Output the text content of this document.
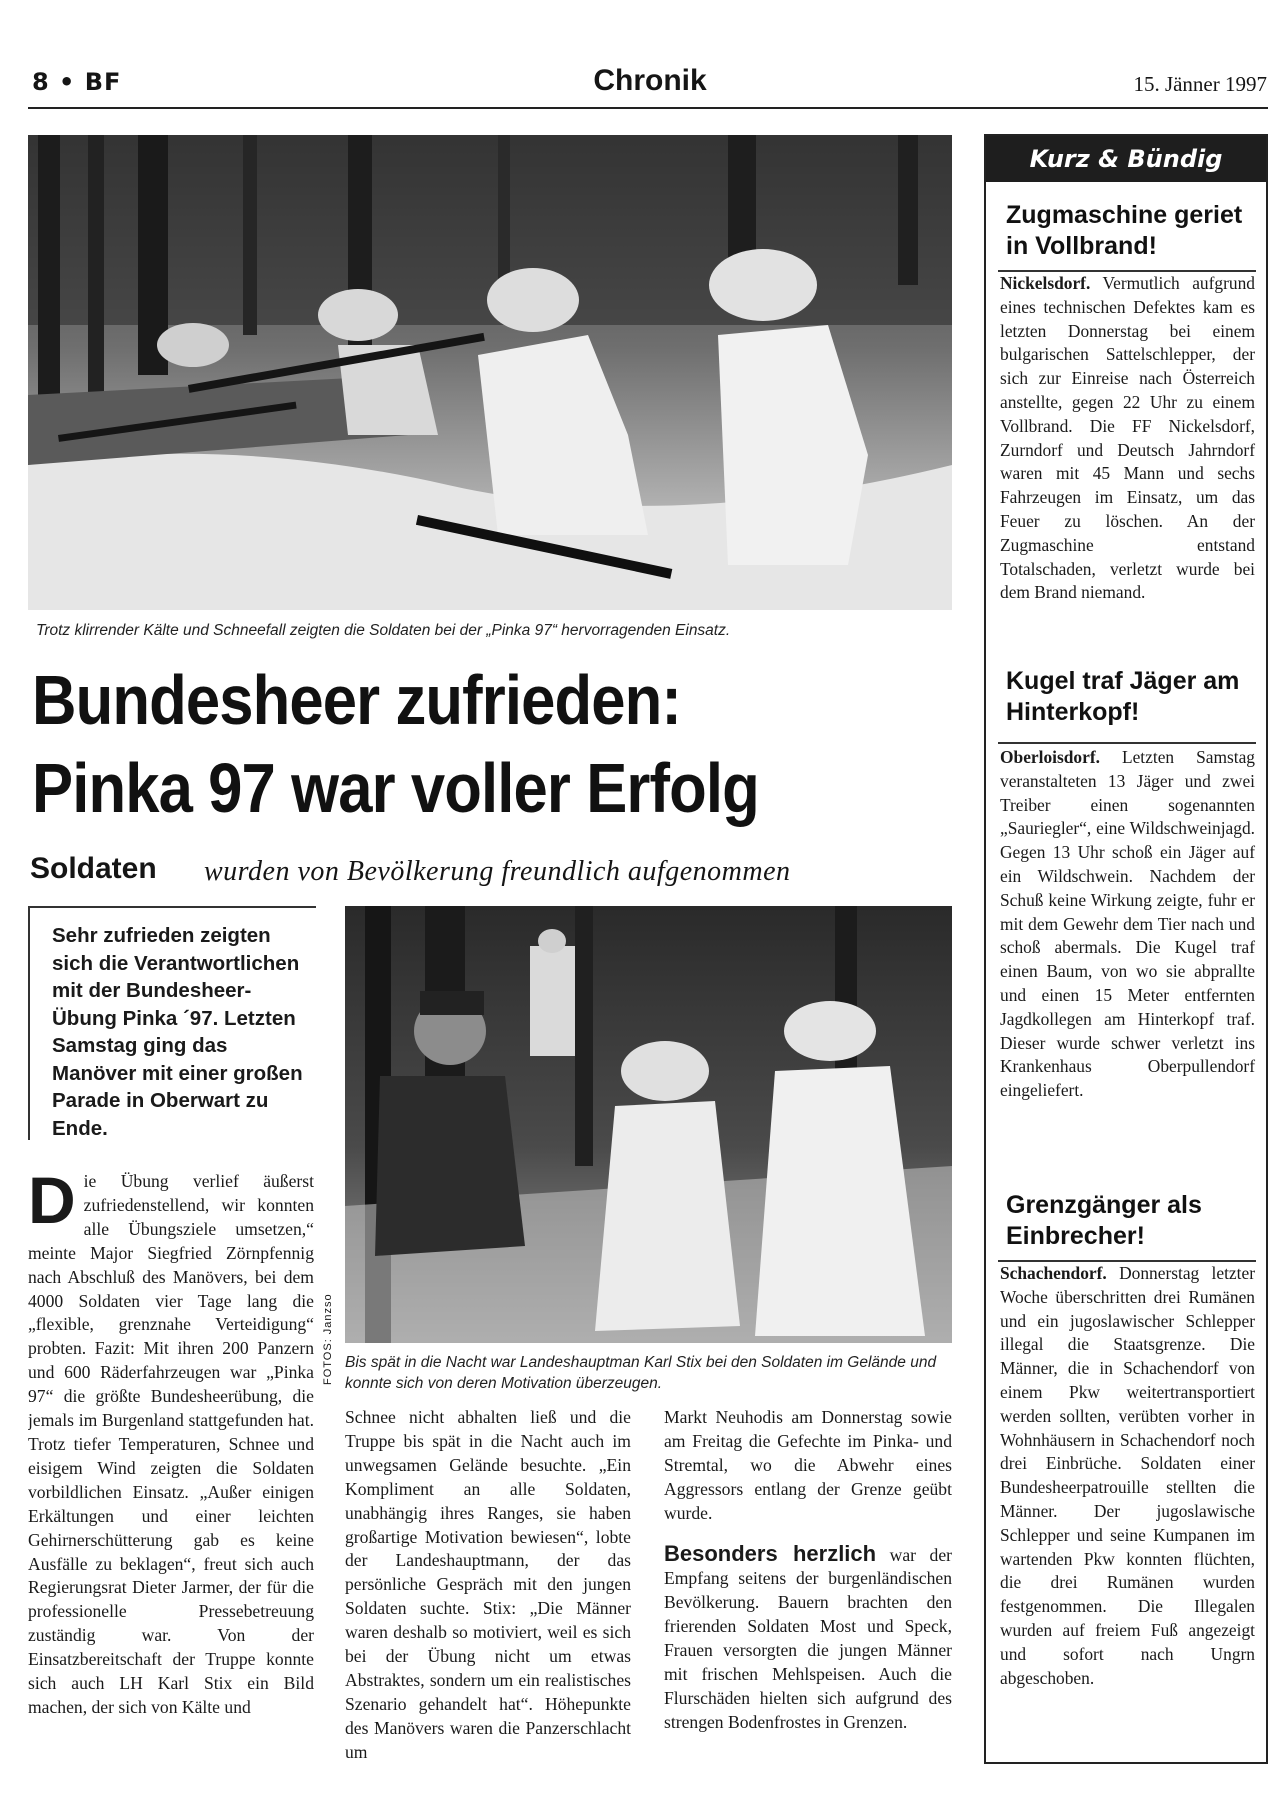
8 • BF	Chronik	15. Jänner 1997
Trotz klirrender Kälte und Schneefall zeigten die Soldaten bei der „Pinka 97“ hervorragenden Einsatz.
Bundesheer zufrieden:
Pinka 97 war voller Erfolg
Soldaten wurden von Bevölkerung freundlich aufgenommen
Sehr zufrieden zeigten sich die Verantwortlichen mit der Bundesheer-Übung Pinka ´97. Letzten Samstag ging das Manöver mit einer großen Parade in Oberwart zu Ende.
FOTOS: Janzso Bis spät in die Nacht war Landeshauptman Karl Stix bei den Soldaten im Gelände und konnte sich von deren Motivation überzeugen.
Die Übung verlief äußerst zufriedenstellend, wir konnten alle Übungsziele umsetzen,“ meinte Major Siegfried Zörnpfennig nach Abschluß des Manövers, bei dem 4000 Soldaten vier Tage lang die „flexible, grenznahe Verteidigung“ probten. Fazit: Mit ihren 200 Panzern und 600 Räderfahrzeugen war „Pinka 97“ die größte Bundesheerübung, die jemals im Burgenland stattgefunden hat. Trotz tiefer Temperaturen, Schnee und eisigem Wind zeigten die Soldaten vorbildlichen Einsatz. „Außer einigen Erkältungen und einer leichten Gehirnerschütterung gab es keine Ausfälle zu beklagen“, freut sich auch Regierungsrat Dieter Jarmer, der für die professionelle Pressebetreuung zuständig war. Von der Einsatzbereitschaft der Truppe konnte sich auch LH Karl Stix ein Bild machen, der sich von Kälte und
Schnee nicht abhalten ließ und die Truppe bis spät in die Nacht auch im unwegsamen Gelände besuchte. „Ein Kompliment an alle Soldaten, unabhängig ihres Ranges, sie haben großartige Motivation bewiesen“, lobte der Landeshauptmann, der das persönliche Gespräch mit den jungen Soldaten suchte. Stix: „Die Männer waren deshalb so motiviert, weil es sich bei der Übung nicht um etwas Abstraktes, sondern um ein realistisches Szenario gehandelt hat“. Höhepunkte des Manövers waren die Panzerschlacht um
Markt Neuhodis am Donnerstag sowie am Freitag die Gefechte im Pinka- und Stremtal, wo die Abwehr eines Aggressors entlang der Grenze geübt wurde.
Besonders herzlich war der Empfang seitens der burgenländischen Bevölkerung. Bauern brachten den frierenden Soldaten Most und Speck, Frauen versorgten die jungen Männer mit frischen Mehlspeisen. Auch die Flurschäden hielten sich aufgrund des strengen Bodenfrostes in Grenzen.
Kurz & Bündig
Zugmaschine geriet in Vollbrand!
Nickelsdorf. Vermutlich aufgrund eines technischen Defektes kam es letzten Donnerstag bei einem bulgarischen Sattelschlepper, der sich zur Einreise nach Österreich anstellte, gegen 22 Uhr zu einem Vollbrand. Die FF Nickelsdorf, Zurndorf und Deutsch Jahrndorf waren mit 45 Mann und sechs Fahrzeugen im Einsatz, um das Feuer zu löschen. An der Zugmaschine entstand Totalschaden, verletzt wurde bei dem Brand niemand.
Kugel traf Jäger am Hinterkopf!
Oberloisdorf. Letzten Samstag veranstalteten 13 Jäger und zwei Treiber einen sogenannten „Sauriegler“, eine Wildschweinjagd. Gegen 13 Uhr schoß ein Jäger auf ein Wildschwein. Nachdem der Schuß keine Wirkung zeigte, fuhr er mit dem Gewehr dem Tier nach und schoß abermals. Die Kugel traf einen Baum, von wo sie abprallte und einen 15 Meter entfernten Jagdkollegen am Hinterkopf traf. Dieser wurde schwer verletzt ins Krankenhaus Oberpullendorf eingeliefert.
Grenzgänger als Einbrecher!
Schachendorf. Donnerstag letzter Woche überschritten drei Rumänen und ein jugoslawischer Schlepper illegal die Staatsgrenze. Die Männer, die in Schachendorf von einem Pkw weitertransportiert werden sollten, verübten vorher in Wohnhäusern in Schachendorf noch drei Einbrüche. Soldaten einer Bundesheerpatrouille stellten die Männer. Der jugoslawische Schlepper und seine Kumpanen im wartenden Pkw konnten flüchten, die drei Rumänen wurden festgenommen. Die Illegalen wurden auf freiem Fuß angezeigt und sofort nach Ungrn abgeschoben.
